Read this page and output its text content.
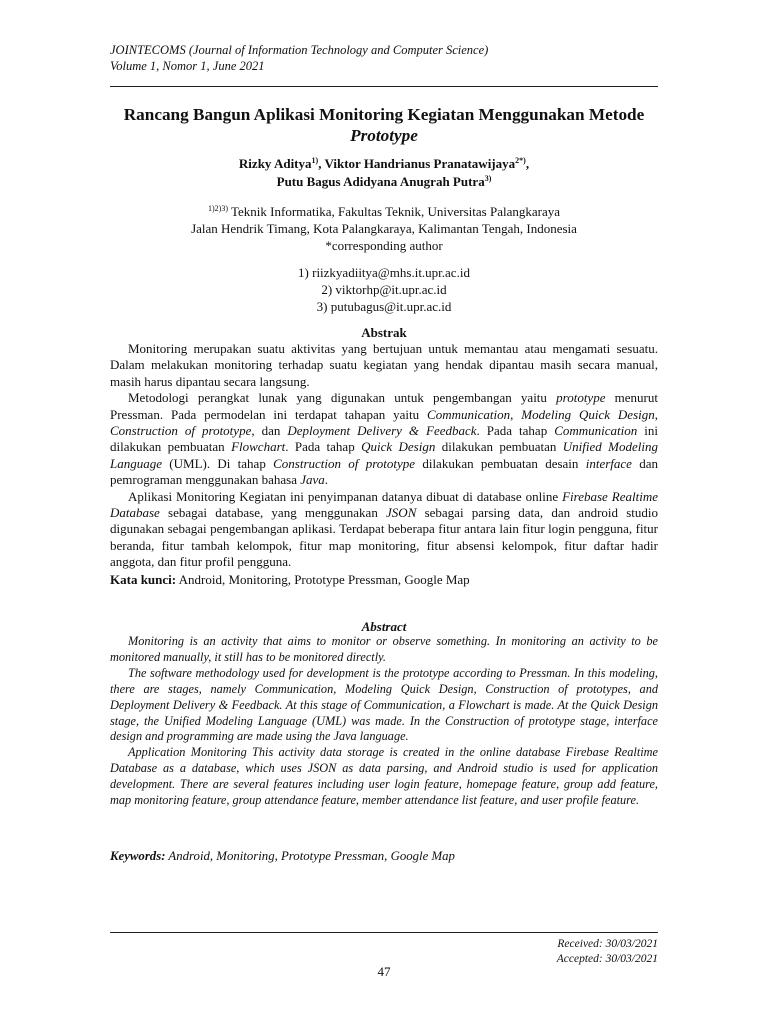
JOINTECOMS (Journal of Information Technology and Computer Science)
Volume 1, Nomor 1, June 2021
Rancang Bangun Aplikasi Monitoring Kegiatan Menggunakan Metode
Prototype
Rizky Aditya$^{1)}$, Viktor Handrianus Pranatawijaya$^{2*)}$,
Putu Bagus Adidyana Anugrah Putra$^{3)}$
$^{1)2)3)}$ Teknik Informatika, Fakultas Teknik, Universitas Palangkaraya
Jalan Hendrik Timang, Kota Palangkaraya, Kalimantan Tengah, Indonesia
*corresponding author
1) riizkyadiitya@mhs.it.upr.ac.id
2) viktorhp@it.upr.ac.id
3) putubagus@it.upr.ac.id
Abstrak

Monitoring merupakan suatu aktivitas yang bertujuan untuk memantau atau mengamati sesuatu. Dalam melakukan monitoring terhadap suatu kegiatan yang hendak dipantau masih secara manual, masih harus dipantau secara langsung.

Metodologi perangkat lunak yang digunakan untuk pengembangan yaitu prototype menurut Pressman. Pada permodelan ini terdapat tahapan yaitu Communication, Modeling Quick Design, Construction of prototype, dan Deployment Delivery & Feedback. Pada tahap Communication ini dilakukan pembuatan Flowchart. Pada tahap Quick Design dilakukan pembuatan Unified Modeling Language (UML). Di tahap Construction of prototype dilakukan pembuatan desain interface dan pemrograman menggunakan bahasa Java.

Aplikasi Monitoring Kegiatan ini penyimpanan datanya dibuat di database online Firebase Realtime Database sebagai database, yang menggunakan JSON sebagai parsing data, dan android studio digunakan sebagai pengembangan aplikasi. Terdapat beberapa fitur antara lain fitur login pengguna, fitur beranda, fitur tambah kelompok, fitur map monitoring, fitur absensi kelompok, fitur daftar hadir anggota, dan fitur profil pengguna.

Kata kunci: Android, Monitoring, Prototype Pressman, Google Map
Abstract

Monitoring is an activity that aims to monitor or observe something. In monitoring an activity to be monitored manually, it still has to be monitored directly.

The software methodology used for development is the prototype according to Pressman. In this modeling, there are stages, namely Communication, Modeling Quick Design, Construction of prototypes, and Deployment Delivery & Feedback. At this stage of Communication, a Flowchart is made. At the Quick Design stage, the Unified Modeling Language (UML) was made. In the Construction of prototype stage, interface design and programming are made using the Java language.

Application Monitoring This activity data storage is created in the online database Firebase Realtime Database as a database, which uses JSON as data parsing, and Android studio is used for application development. There are several features including user login feature, homepage feature, group add feature, map monitoring feature, group attendance feature, member attendance list feature, and user profile feature.

Keywords: Android, Monitoring, Prototype Pressman, Google Map
Received: 30/03/2021
Accepted: 30/03/2021
47
